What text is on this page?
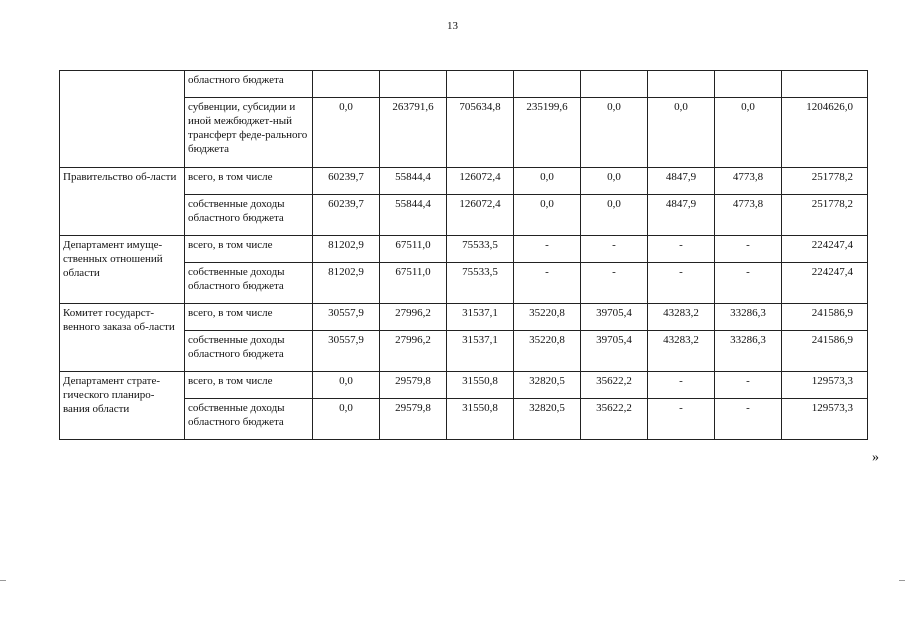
13
	областного бюджета								
	субвенции, субсидии и иной межбюджет-ный трансферт феде-рального бюджета	0,0	263791,6	705634,8	235199,6	0,0	0,0	0,0	1204626,0
Правительство об-ласти	всего, в том числе	60239,7	55844,4	126072,4	0,0	0,0	4847,9	4773,8	251778,2
	собственные доходы областного бюджета	60239,7	55844,4	126072,4	0,0	0,0	4847,9	4773,8	251778,2
Департамент имуще-ственных отношений области	всего, в том числе	81202,9	67511,0	75533,5	-	-	-	-	224247,4
	собственные доходы областного бюджета	81202,9	67511,0	75533,5	-	-	-	-	224247,4
Комитет государст-венного заказа об-ласти	всего, в том числе	30557,9	27996,2	31537,1	35220,8	39705,4	43283,2	33286,3	241586,9
	собственные доходы областного бюджета	30557,9	27996,2	31537,1	35220,8	39705,4	43283,2	33286,3	241586,9
Департамент страте-гического планиро-вания области	всего, в том числе	0,0	29579,8	31550,8	32820,5	35622,2	-	-	129573,3
	собственные доходы областного бюджета	0,0	29579,8	31550,8	32820,5	35622,2	-	-	129573,3
»
